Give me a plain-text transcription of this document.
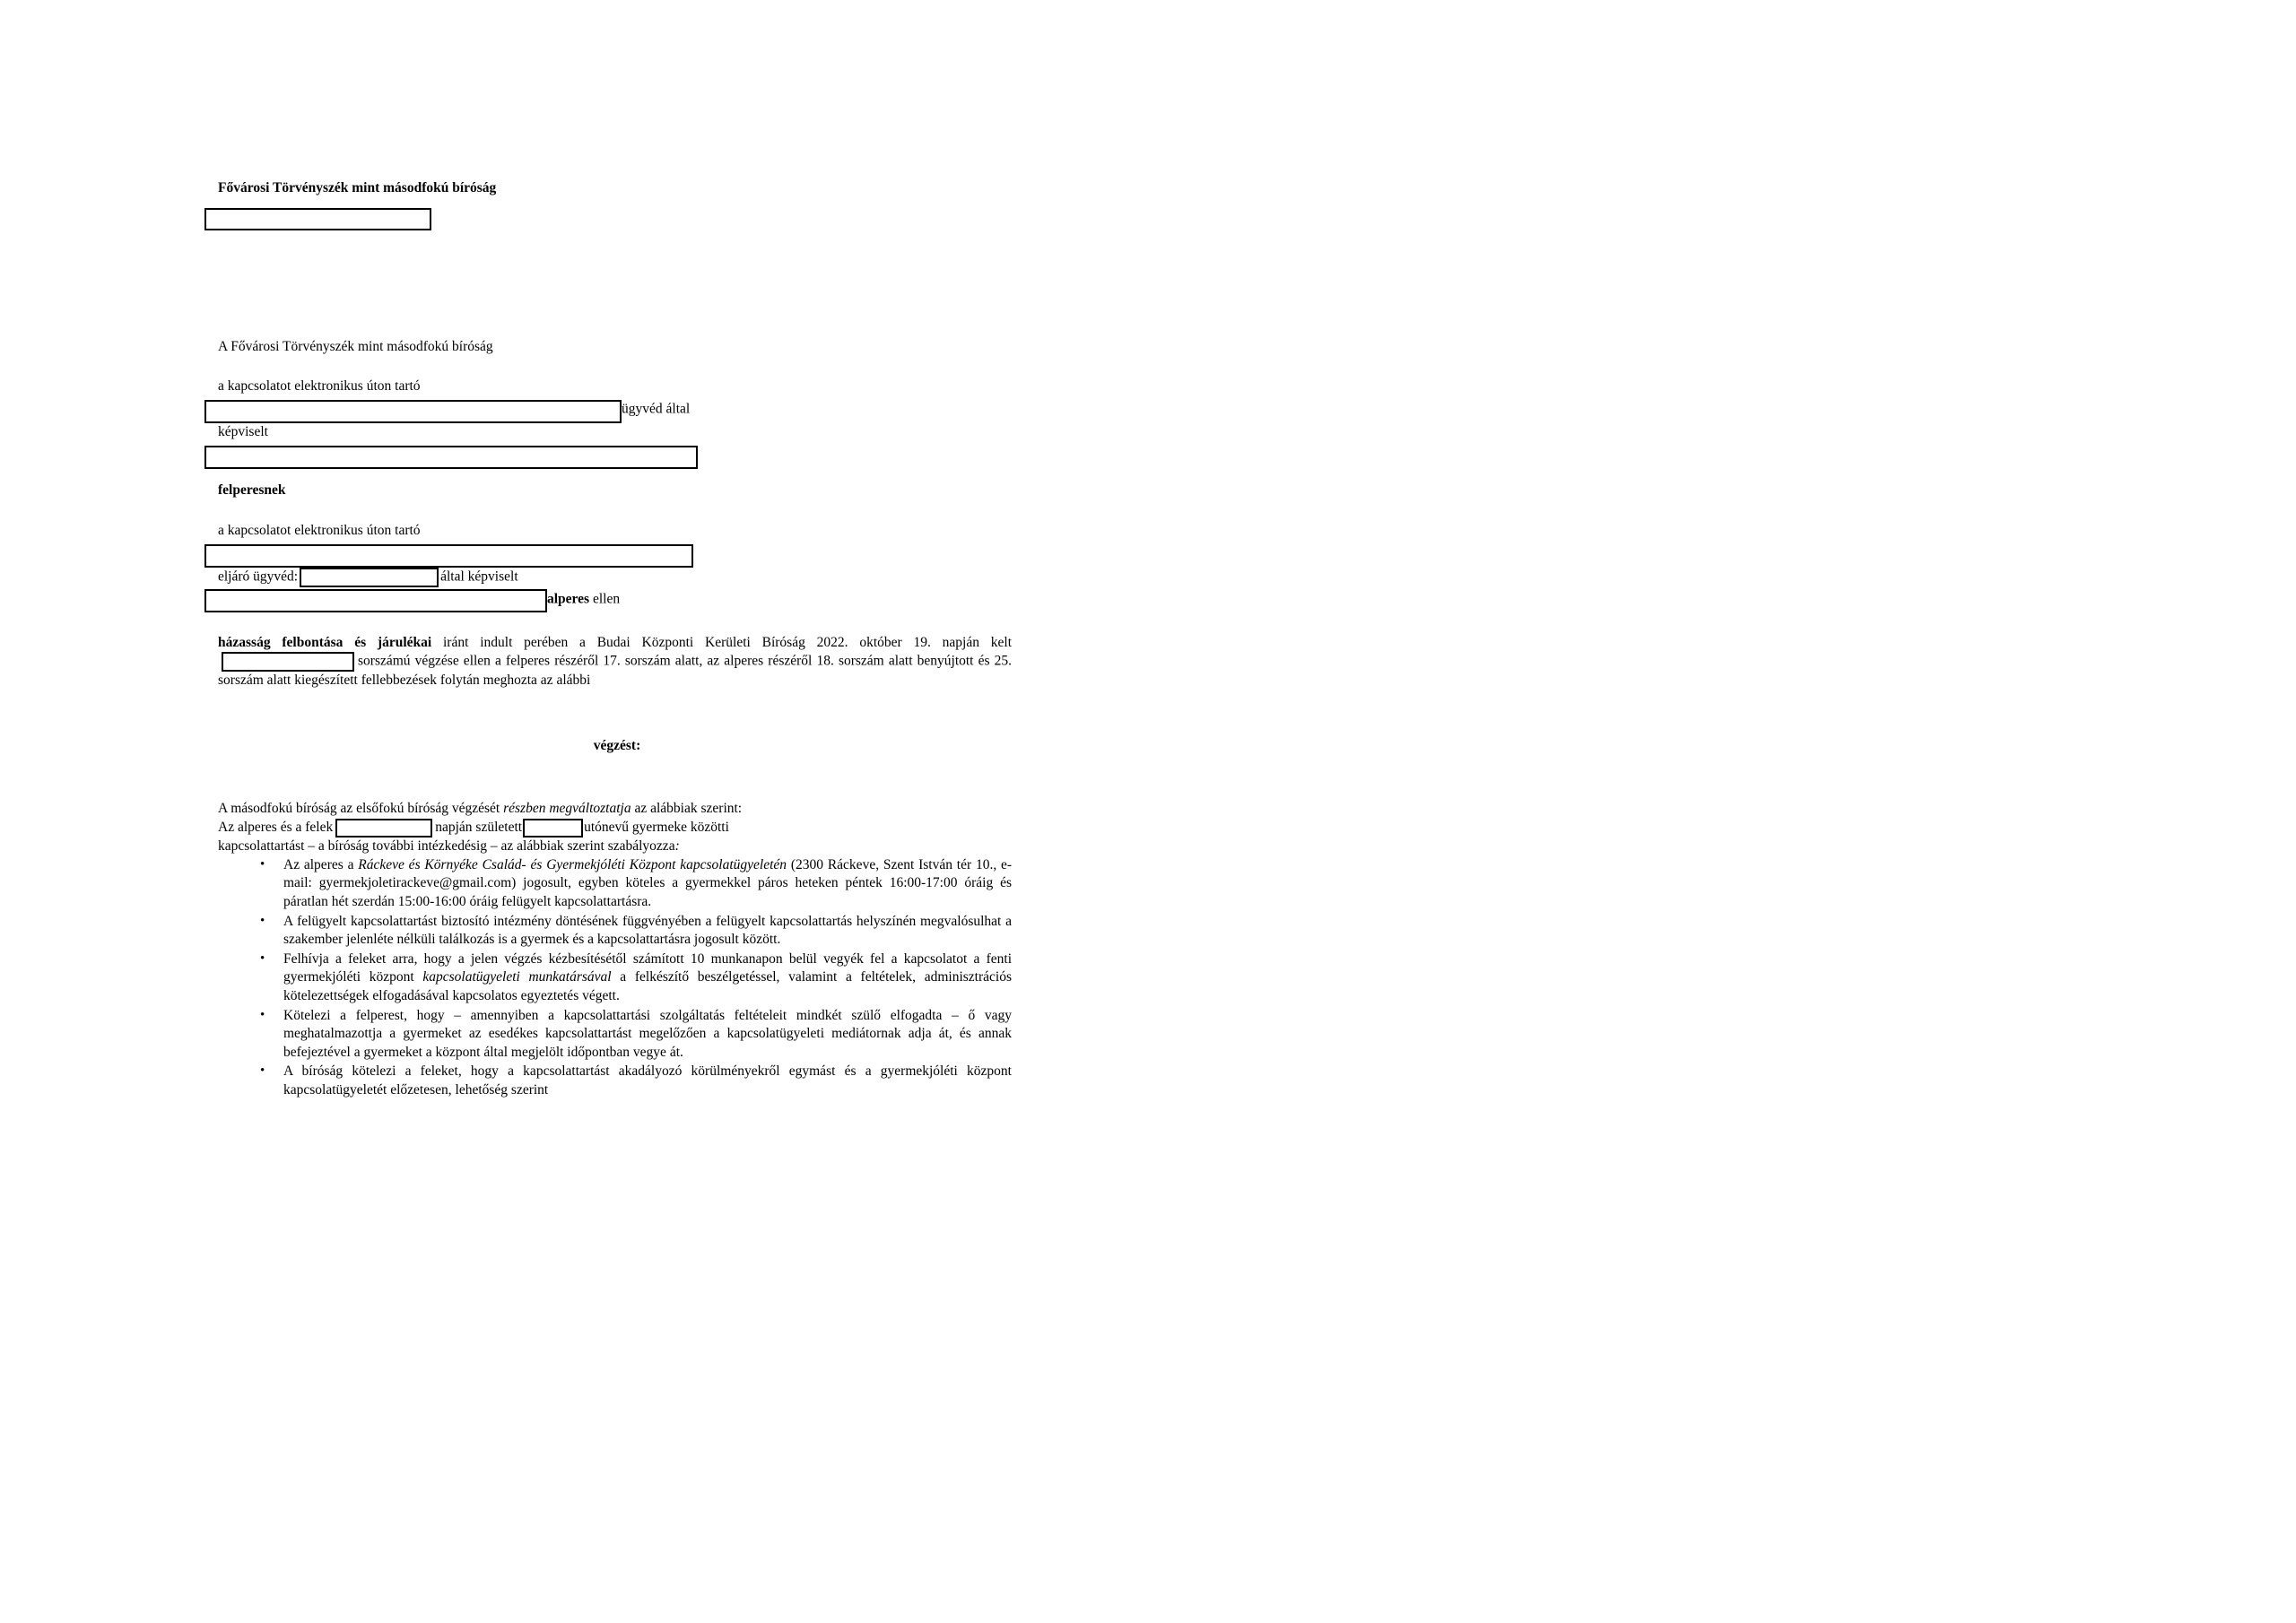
Fővárosi Törvényszék mint másodfokú bíróság
A Fővárosi Törvényszék mint másodfokú bíróság
a kapcsolatot elektronikus úton tartó
ügyvéd által
képviselt
felperesnek
a kapcsolatot elektronikus úton tartó
eljáró ügyvéd:	által képviselt
alperes ellen
házasság felbontása és járulékai iránt indult perében a Budai Központi Kerületi Bíróság 2022. október 19. napján keltsorszámú végzése ellen a felperes részéről 17. sorszám alatt, az alperes részéről 18. sorszám alatt benyújtott és 25. sorszám alatt kiegészített fellebbezések folytán meghozta az alábbi
végzést:
A másodfokú bíróság az elsőfokú bíróság végzését részben megváltoztatja az alábbiak szerint:
Az alperes és a felek	napján született	utónevű gyermeke közötti
kapcsolattartást – a bíróság további intézkedésig – az alábbiak szerint szabályozza:
• Az alperes a Ráckeve és Környéke Család- és Gyermekjóléti Központ kapcsolatügyeletén (2300 Ráckeve, Szent István tér 10., e-mail: gyermekjoletirackeve@gmail.com) jogosult, egyben köteles a gyermekkel páros heteken péntek 16:00-17:00 óráig és páratlan hét szerdán 15:00-16:00 óráig felügyelt kapcsolattartásra.
• A felügyelt kapcsolattartást biztosító intézmény döntésének függvényében a felügyelt kapcsolattartás helyszínén megvalósulhat a szakember jelenléte nélküli találkozás is a gyermek és a kapcsolattartásra jogosult között.
• Felhívja a feleket arra, hogy a jelen végzés kézbesítésétől számított 10 munkanapon belül vegyék fel a kapcsolatot a fenti gyermekjóléti központ kapcsolatügyeleti munkatársával a felkészítő beszélgetéssel, valamint a feltételek, adminisztrációs kötelezettségek elfogadásával kapcsolatos egyeztetés végett.
• Kötelezi a felperest, hogy – amennyiben a kapcsolattartási szolgáltatás feltételeit mindkét szülő elfogadta – ő vagy meghatalmazottja a gyermeket az esedékes kapcsolattartást megelőzően a kapcsolatügyeleti mediátornak adja át, és annak befejeztével a gyermeket a központ által megjelölt időpontban vegye át.
• A bíróság kötelezi a feleket, hogy a kapcsolattartást akadályozó körülményekről egymást és a gyermekjóléti központ kapcsolatügyeletét előzetesen, lehetőség szerint
